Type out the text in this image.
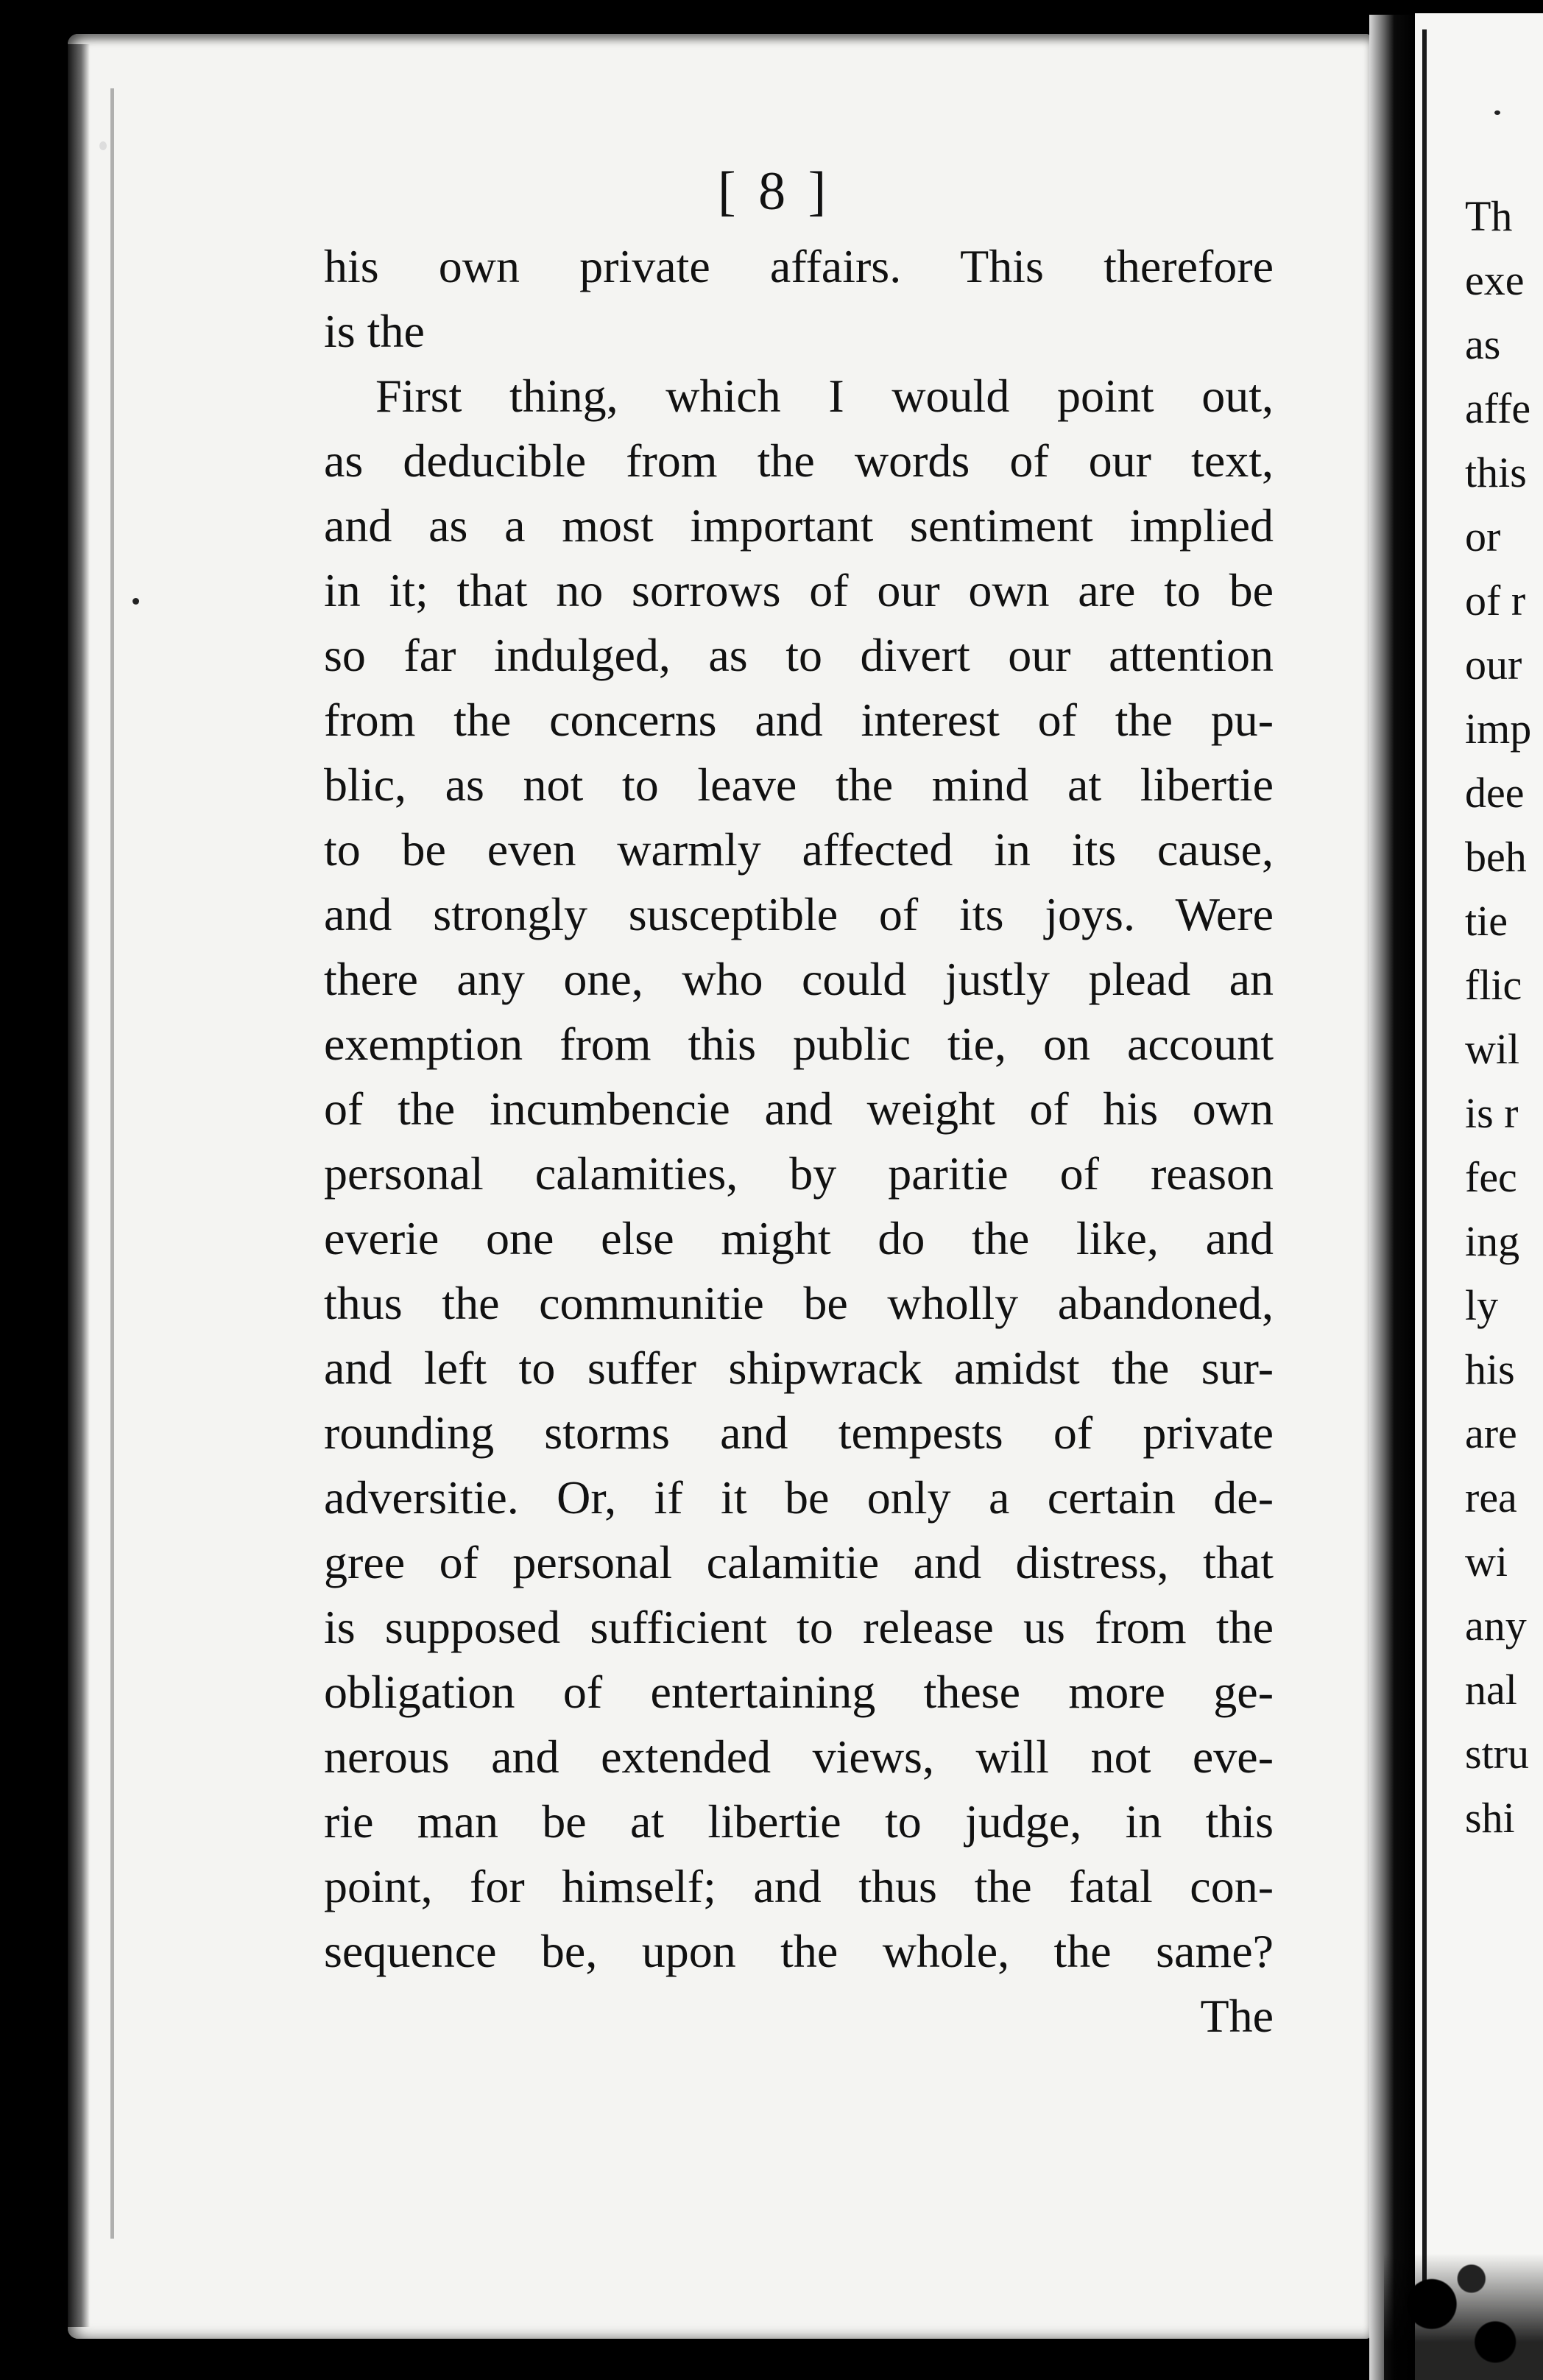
[ 8 ]
his own private affairs. This therefore
is the
First thing, which I would point out,
as deducible from the words of our text,
and as a most important sentiment implied
in it; that no sorrows of our own are to be
so far indulged, as to divert our attention
from the concerns and interest of the pu-
blic, as not to leave the mind at libertie
to be even warmly affected in its cause,
and strongly susceptible of its joys. Were
there any one, who could justly plead an
exemption from this public tie, on account
of the incumbencie and weight of his own
personal calamities, by paritie of reason
everie one else might do the like, and
thus the communitie be wholly abandoned,
and left to suffer shipwrack amidst the sur-
rounding storms and tempests of private
adversitie. Or, if it be only a certain de-
gree of personal calamitie and distress, that
is supposed sufficient to release us from the
obligation of entertaining these more ge-
nerous and extended views, will not eve-
rie man be at libertie to judge, in this
point, for himself; and thus the fatal con-
sequence be, upon the whole, the same?
The
Th
exe
as
affe
this
or
of r
our
imp
dee
beh
tie
flic
wil
is r
fec
ing
ly
his
are
rea
wi
any
nal
stru
shi
